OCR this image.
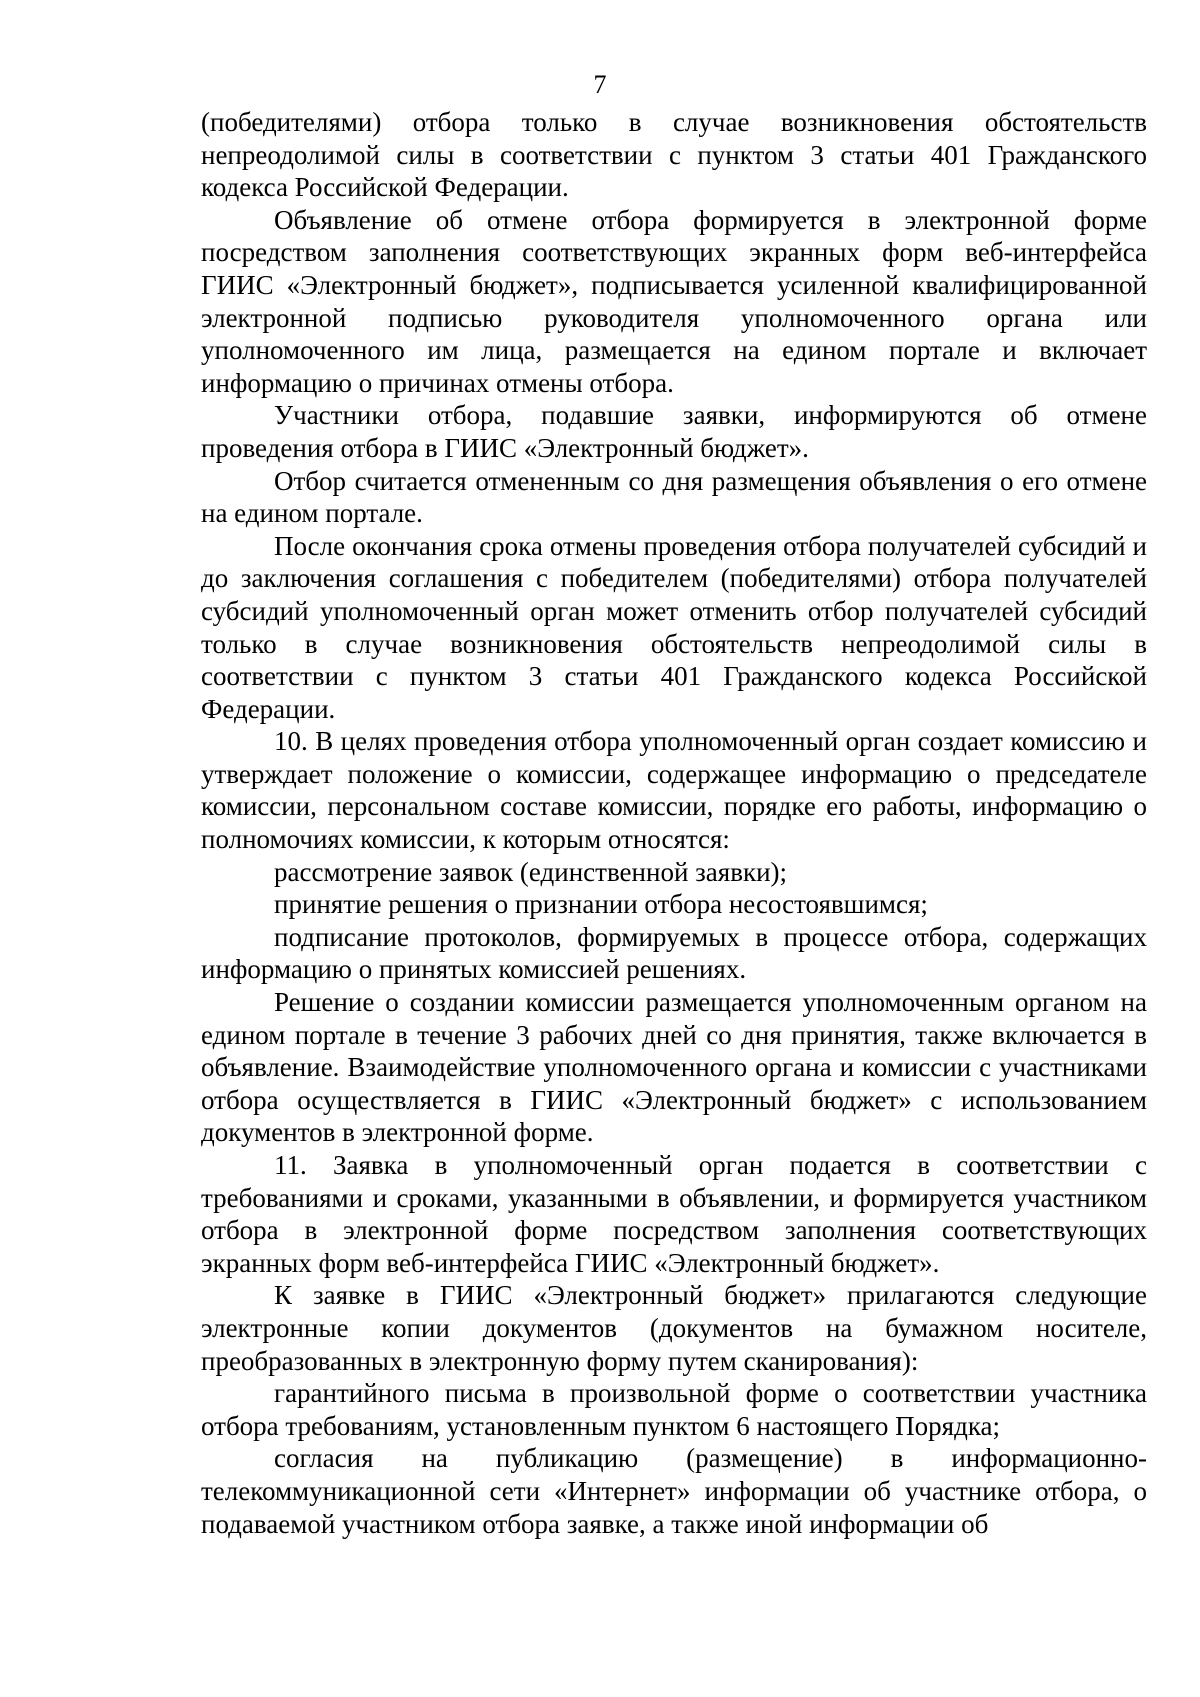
7

(победителями) отбора только в случае возникновения обстоятельств непреодолимой силы в соответствии с пунктом 3 статьи 401 Гражданского кодекса Российской Федерации.

Объявление об отмене отбора формируется в электронной форме посредством заполнения соответствующих экранных форм веб-интерфейса ГИИС «Электронный бюджет», подписывается усиленной квалифицированной электронной подписью руководителя уполномоченного органа или уполномоченного им лица, размещается на едином портале и включает информацию о причинах отмены отбора.

Участники отбора, подавшие заявки, информируются об отмене проведения отбора в ГИИС «Электронный бюджет».

Отбор считается отмененным со дня размещения объявления о его отмене на едином портале.

После окончания срока отмены проведения отбора получателей субсидий и до заключения соглашения с победителем (победителями) отбора получателей субсидий уполномоченный орган может отменить отбор получателей субсидий только в случае возникновения обстоятельств непреодолимой силы в соответствии с пунктом 3 статьи 401 Гражданского кодекса Российской Федерации.

10. В целях проведения отбора уполномоченный орган создает комиссию и утверждает положение о комиссии, содержащее информацию о председателе комиссии, персональном составе комиссии, порядке его работы, информацию о полномочиях комиссии, к которым относятся:

рассмотрение заявок (единственной заявки);

принятие решения о признании отбора несостоявшимся;

подписание протоколов, формируемых в процессе отбора, содержащих информацию о принятых комиссией решениях.

Решение о создании комиссии размещается уполномоченным органом на едином портале в течение 3 рабочих дней со дня принятия, также включается в объявление. Взаимодействие уполномоченного органа и комиссии с участниками отбора осуществляется в ГИИС «Электронный бюджет» с использованием документов в электронной форме.

11. Заявка в уполномоченный орган подается в соответствии с требованиями и сроками, указанными в объявлении, и формируется участником отбора в электронной форме посредством заполнения соответствующих экранных форм веб-интерфейса ГИИС «Электронный бюджет».

К заявке в ГИИС «Электронный бюджет» прилагаются следующие электронные копии документов (документов на бумажном носителе, преобразованных в электронную форму путем сканирования):

гарантийного письма в произвольной форме о соответствии участника отбора требованиям, установленным пунктом 6 настоящего Порядка;

согласия на публикацию (размещение) в информационно-телекоммуникационной сети «Интернет» информации об участнике отбора, о подаваемой участником отбора заявке, а также иной информации об
